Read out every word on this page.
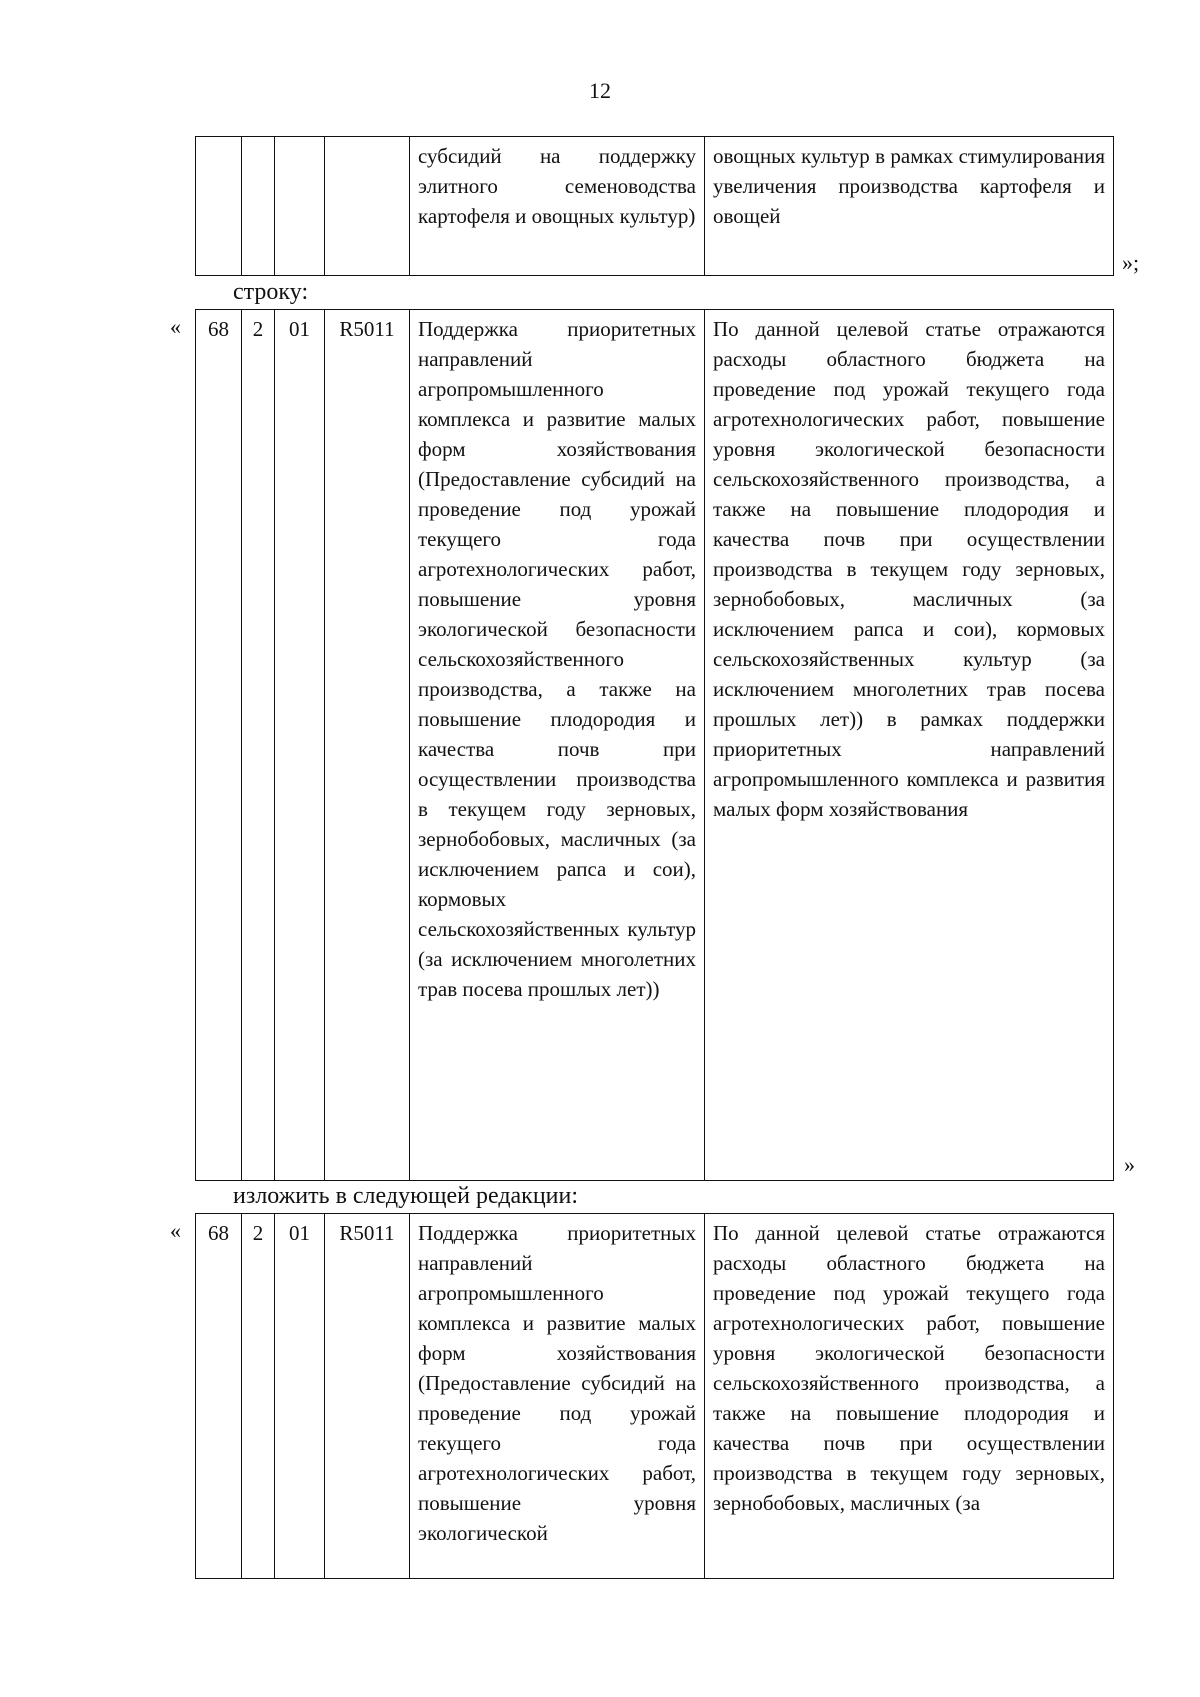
12
				субсидий на поддержку элитного семеноводства картофеля и овощных культур)	овощных культур в рамках стимулирования увеличения производства картофеля и овощей
»;
строку:
« 68	2	01	R5011	Поддержка приоритетных направлений агропромышленного комплекса и развитие малых форм хозяйствования (Предоставление субсидий на проведение под урожай текущего года агротехнологических работ, повышение уровня экологической безопасности сельскохозяйственного производства, а также на повышение плодородия и качества почв при осуществлении производства в текущем году зерновых, зернобобовых, масличных (за исключением рапса и сои), кормовых сельскохозяйственных культур (за исключением многолетних трав посева прошлых лет))	По данной целевой статье отражаются расходы областного бюджета на проведение под урожай текущего года агротехнологических работ, повышение уровня экологической безопасности сельскохозяйственного производства, а также на повышение плодородия и качества почв при осуществлении производства в текущем году зерновых, зернобобовых, масличных (за исключением рапса и сои), кормовых сельскохозяйственных культур (за исключением многолетних трав посева прошлых лет)) в рамках поддержки приоритетных направлений агропромышленного комплекса и развития малых форм хозяйствования
»
изложить в следующей редакции:
« 68	2	01	R5011	Поддержка приоритетных направлений агропромышленного комплекса и развитие малых форм хозяйствования (Предоставление субсидий на проведение под урожай текущего года агротехнологических работ, повышение уровня экологической	По данной целевой статье отражаются расходы областного бюджета на проведение под урожай текущего года агротехнологических работ, повышение уровня экологической безопасности сельскохозяйственного производства, а также на повышение плодородия и качества почв при осуществлении производства в текущем году зерновых, зернобобовых, масличных (за
